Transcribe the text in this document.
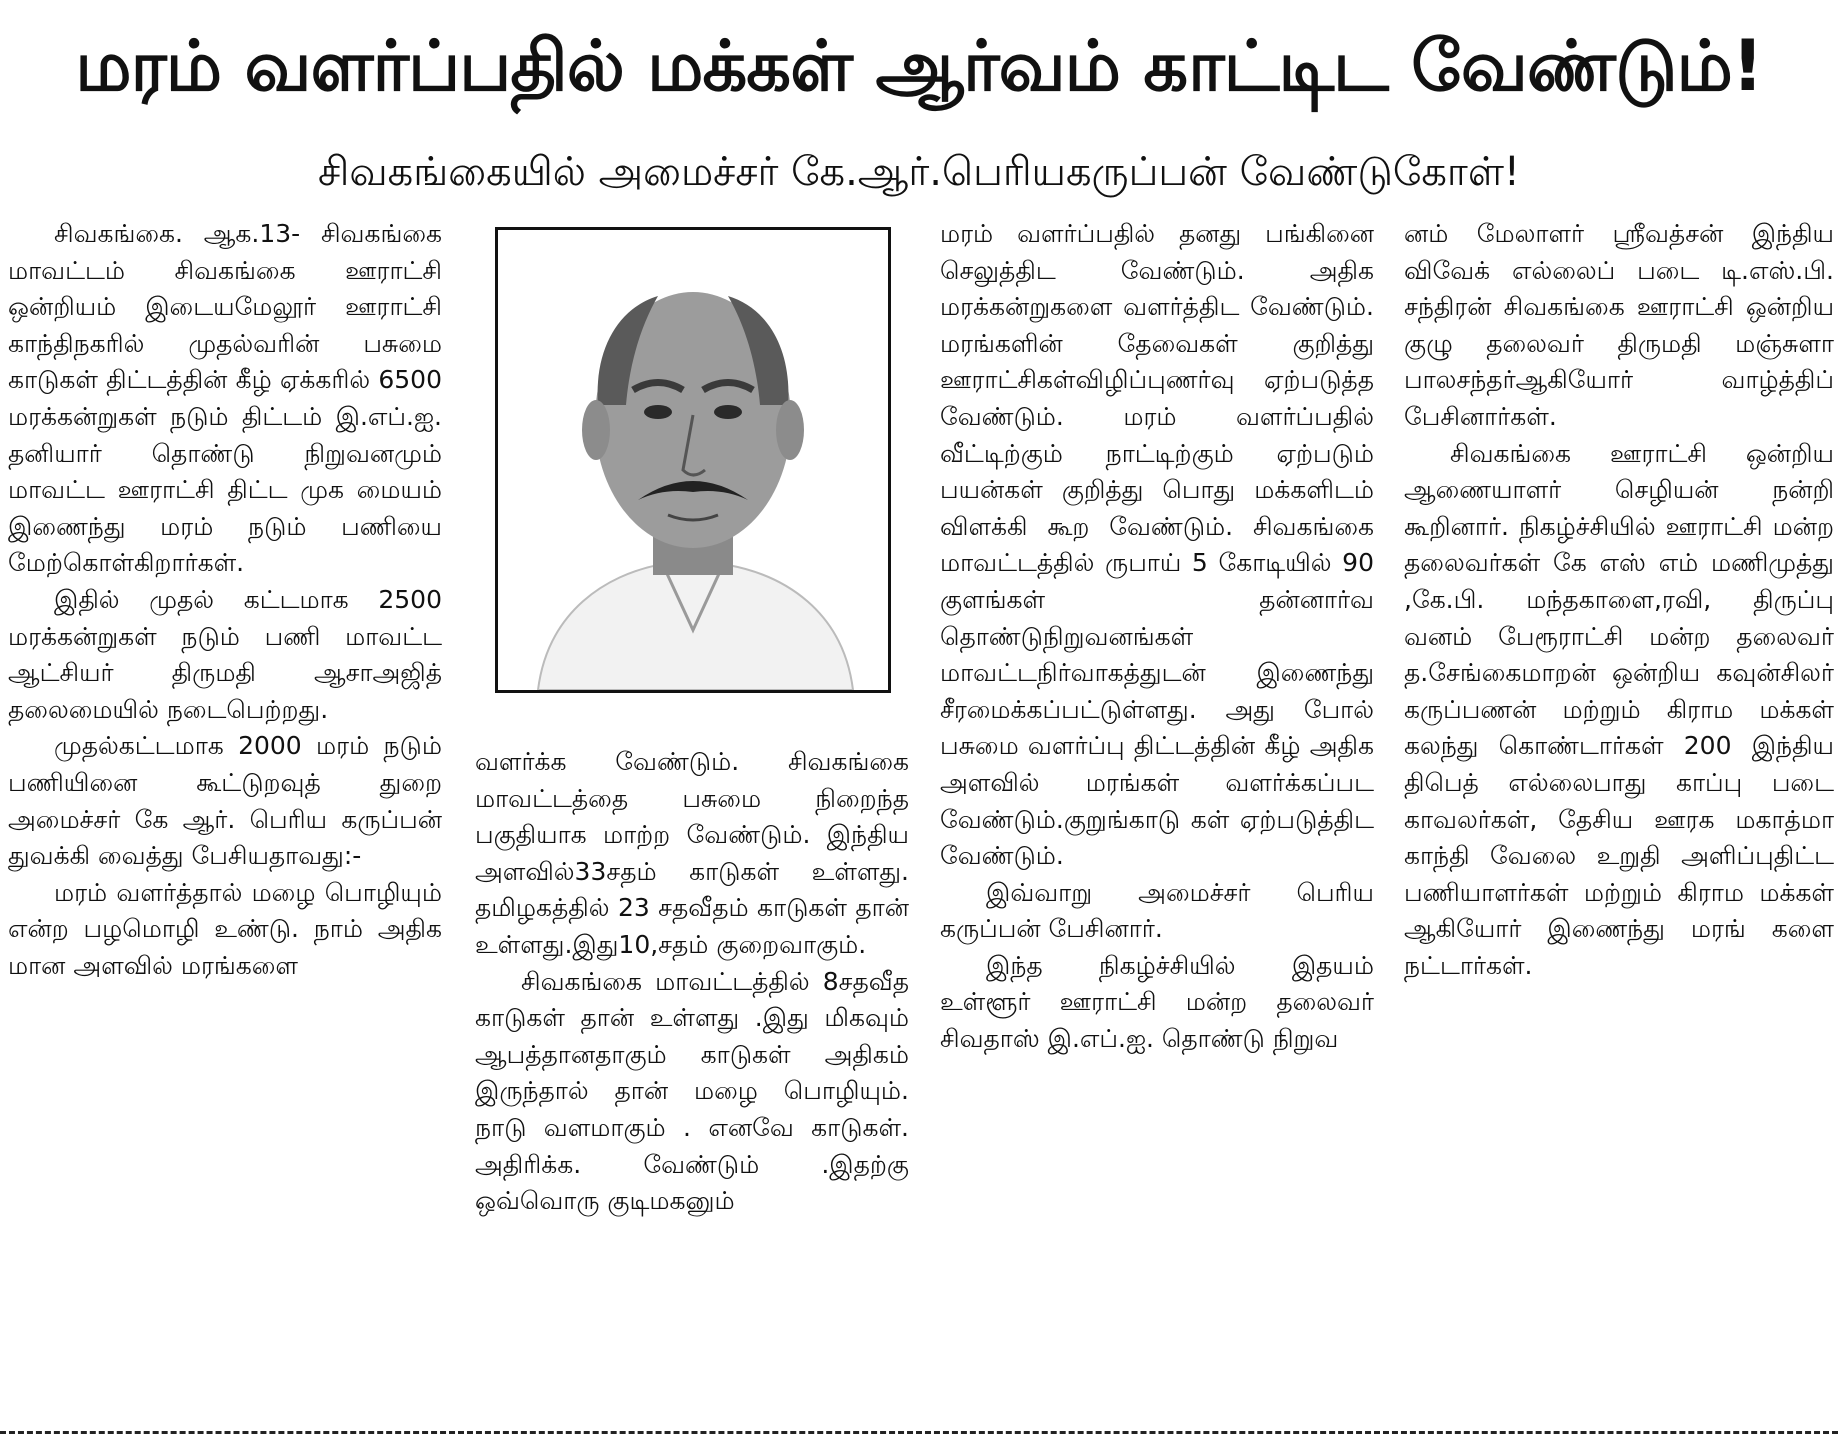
மரம் வளர்ப்பதில் மக்கள் ஆர்வம் காட்டிட வேண்டும்!
சிவகங்கையில் அமைச்சர் கே.ஆர்.பெரியகருப்பன் வேண்டுகோள்!

சிவகங்கை. ஆக.13- சிவகங்கை மாவட்டம் சிவகங்கை ஊராட்சி ஒன்றியம் இடையமேலூர் ஊராட்சி காந்திநகரில் முதல்வரின் பசுமை காடுகள் திட்டத்தின் கீழ் ஏக்கரில் 6500 மரக்கன்றுகள் நடும் திட்டம் இ.எப்.ஐ. தனியார் தொண்டு நிறுவனமும் மாவட்ட ஊராட்சி திட்ட முக மையம் இணைந்து மரம் நடும் பணியை மேற்கொள்கிறார்கள்.

இதில் முதல் கட்டமாக 2500 மரக்கன்றுகள் நடும் பணி மாவட்ட ஆட்சியர் திருமதி ஆசாஅஜித் தலைமையில் நடைபெற்றது.

முதல்கட்டமாக 2000 மரம் நடும் பணியினை கூட்டுறவுத் துறை அமைச்சர் கே ஆர். பெரிய கருப்பன் துவக்கி வைத்து பேசியதாவது:-

மரம் வளர்த்தால் மழை பொழியும் என்ற பழமொழி உண்டு. நாம் அதிக மான அளவில் மரங்களை

வளர்க்க வேண்டும். சிவகங்கை மாவட்டத்தை பசுமை நிறைந்த பகுதியாக மாற்ற வேண்டும். இந்திய அளவில்33சதம் காடுகள் உள்ளது. தமிழகத்தில் 23 சதவீதம் காடுகள் தான் உள்ளது.இது10,சதம் குறைவாகும்.

சிவகங்கை மாவட்டத்தில் 8சதவீத காடுகள் தான் உள்ளது .இது மிகவும் ஆபத்தானதாகும் காடுகள் அதிகம் இருந்தால் தான் மழை பொழியும். நாடு வளமாகும் . எனவே காடுகள். அதிரிக்க. வேண்டும் .இதற்கு ஒவ்வொரு குடிமகனும்

மரம் வளர்ப்பதில் தனது பங்கினை செலுத்திட வேண்டும். அதிக மரக்கன்றுகளை வளர்த்திட வேண்டும். மரங்களின் தேவைகள் குறித்து ஊராட்சிகள்விழிப்புணர்வு ஏற்படுத்த வேண்டும். மரம் வளர்ப்பதில் வீட்டிற்கும் நாட்டிற்கும் ஏற்படும் பயன்கள் குறித்து பொது மக்களிடம் விளக்கி கூற வேண்டும். சிவகங்கை மாவட்டத்தில் ருபாய் 5 கோடியில் 90 குளங்கள் தன்னார்வ தொண்டுநிறுவனங்கள் மாவட்டநிர்வாகத்துடன் இணைந்து சீரமைக்கப்பட்டுள்ளது. அது போல் பசுமை வளர்ப்பு திட்டத்தின் கீழ் அதிக அளவில் மரங்கள் வளர்க்கப்பட வேண்டும்.குறுங்காடு கள் ஏற்படுத்திட வேண்டும்.

இவ்வாறு அமைச்சர் பெரிய கருப்பன் பேசினார்.

இந்த நிகழ்ச்சியில் இதயம் உள்ளூர் ஊராட்சி மன்ற தலைவர் சிவதாஸ் இ.எப்.ஐ. தொண்டு நிறுவ

னம் மேலாளர் ஸ்ரீவத்சன் இந்திய விவேக் எல்லைப் படை டி.எஸ்.பி. சந்திரன் சிவகங்கை ஊராட்சி ஒன்றிய குழு தலைவர் திருமதி மஞ்சுளா பாலசந்தர்ஆகியோர் வாழ்த்திப் பேசினார்கள்.

சிவகங்கை ஊராட்சி ஒன்றிய ஆணையாளர் செழியன் நன்றி கூறினார். நிகழ்ச்சியில் ஊராட்சி மன்ற தலைவர்கள் கே எஸ் எம் மணிமுத்து ,கே.பி. மந்தகாளை,ரவி, திருப்பு வனம் பேரூராட்சி மன்ற தலைவர் த.சேங்கைமாறன் ஒன்றிய கவுன்சிலர் கருப்பணன் மற்றும் கிராம மக்கள் கலந்து கொண்டார்கள் 200 இந்திய திபெத் எல்லைபாது காப்பு படை காவலர்கள், தேசிய ஊரக மகாத்மா காந்தி வேலை உறுதி அளிப்புதிட்ட பணியாளர்கள் மற்றும் கிராம மக்கள் ஆகியோர் இணைந்து மரங் களை நட்டார்கள்.
